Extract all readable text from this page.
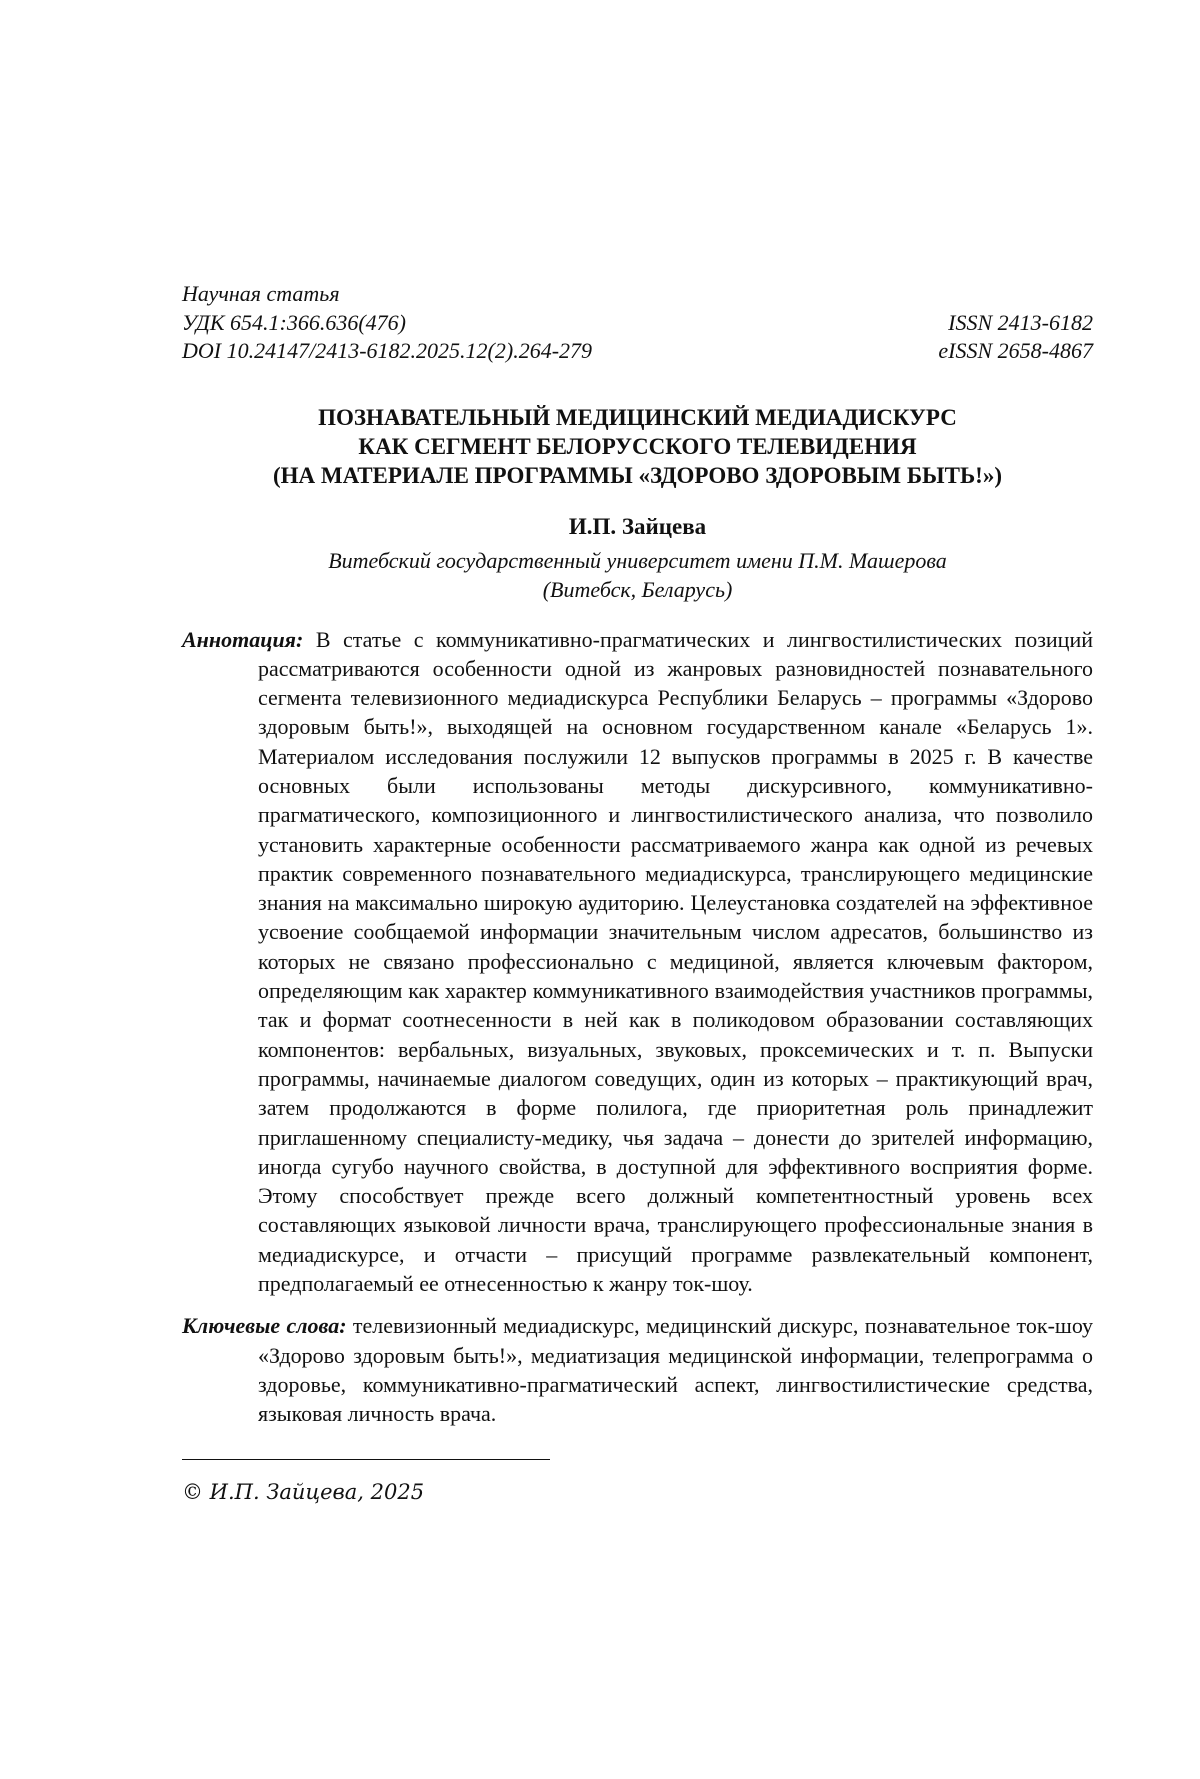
Научная статья
УДК 654.1:366.636(476)	ISSN 2413-6182
DOI 10.24147/2413-6182.2025.12(2).264-279	eISSN 2658-4867
ПОЗНАВАТЕЛЬНЫЙ МЕДИЦИНСКИЙ МЕДИАДИСКУРС
КАК СЕГМЕНТ БЕЛОРУССКОГО ТЕЛЕВИДЕНИЯ
(НА МАТЕРИАЛЕ ПРОГРАММЫ «ЗДОРОВО ЗДОРОВЫМ БЫТЬ!»)
И.П. Зайцева
Витебский государственный университет имени П.М. Машерова
(Витебск, Беларусь)
Аннотация: В статье с коммуникативно-прагматических и лингвостилистических позиций рассматриваются особенности одной из жанровых разновидностей познавательного сегмента телевизионного медиадискурса Республики Беларусь – программы «Здорово здоровым быть!», выходящей на основном государственном канале «Беларусь 1». Материалом исследования послужили 12 выпусков программы в 2025 г. В качестве основных были использованы методы дискурсивного, коммуникативно-прагматического, композиционного и лингвостилистического анализа, что позволило установить характерные особенности рассматриваемого жанра как одной из речевых практик современного познавательного медиадискурса, транслирующего медицинские знания на максимально широкую аудиторию. Целеустановка создателей на эффективное усвоение сообщаемой информации значительным числом адресатов, большинство из которых не связано профессионально с медициной, является ключевым фактором, определяющим как характер коммуникативного взаимодействия участников программы, так и формат соотнесенности в ней как в поликодовом образовании составляющих компонентов: вербальных, визуальных, звуковых, проксемических и т. п. Выпуски программы, начинаемые диалогом соведущих, один из которых – практикующий врач, затем продолжаются в форме полилога, где приоритетная роль принадлежит приглашенному специалисту-медику, чья задача – донести до зрителей информацию, иногда сугубо научного свойства, в доступной для эффективного восприятия форме. Этому способствует прежде всего должный компетентностный уровень всех составляющих языковой личности врача, транслирующего профессиональные знания в медиадискурсе, и отчасти – присущий программе развлекательный компонент, предполагаемый ее отнесенностью к жанру ток-шоу.
Ключевые слова: телевизионный медиадискурс, медицинский дискурс, познавательное ток-шоу «Здорово здоровым быть!», медиатизация медицинской информации, телепрограмма о здоровье, коммуникативно-прагматический аспект, лингвостилистические средства, языковая личность врача.
© И.П. Зайцева, 2025
